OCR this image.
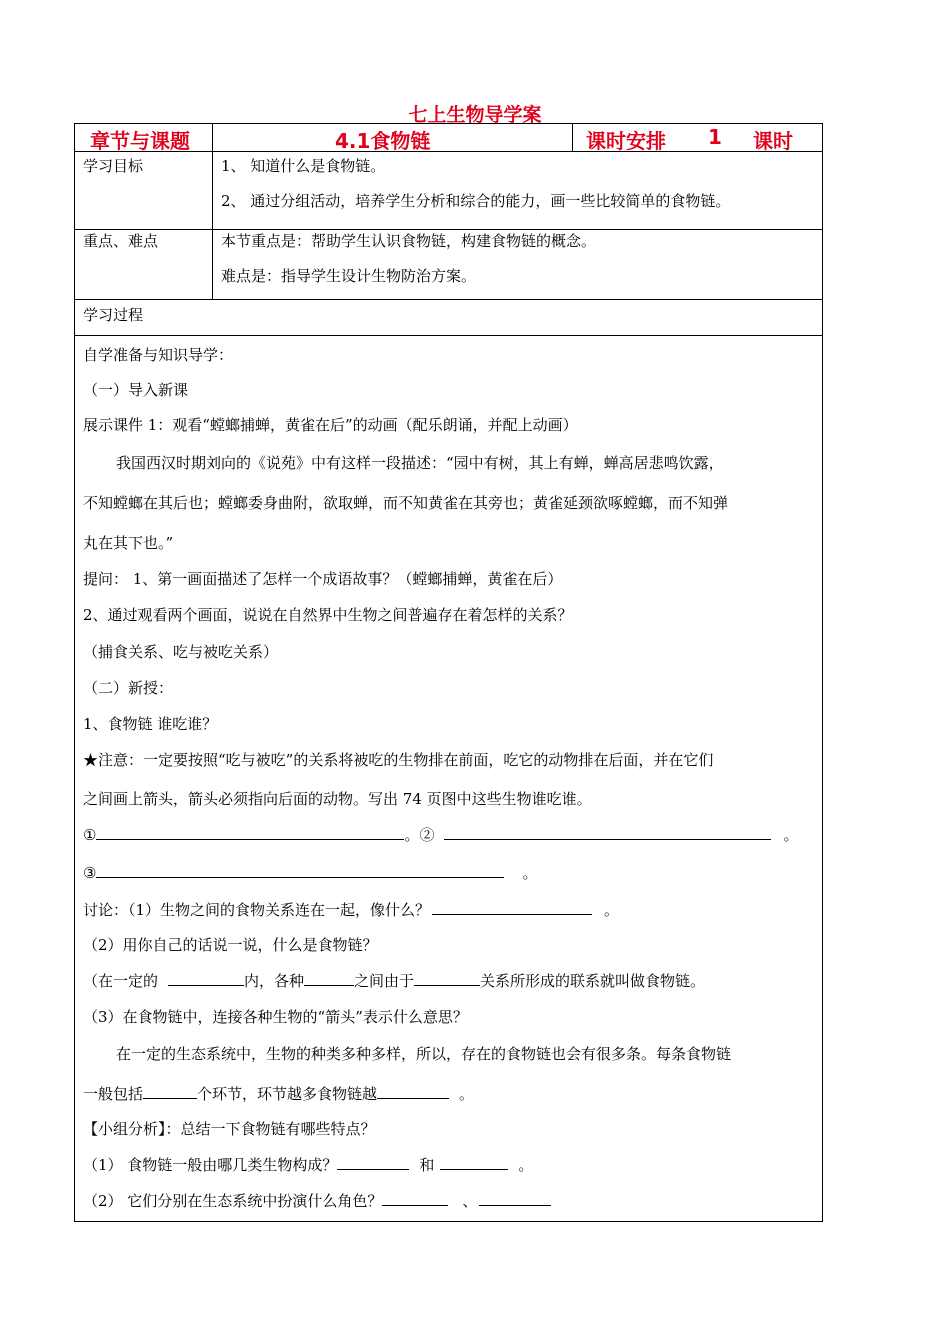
七上生物导学案
章节与课题	4.1食物链	课时安排 1 课时
学习目标	1、 知道什么是食物链。
2、 通过分组活动，培养学生分析和综合的能力，画一些比较简单的食物链。
重点、难点	本节重点是：帮助学生认识食物链，构建食物链的概念。
难点是：指导学生设计生物防治方案。
学习过程
自学准备与知识导学：
（一）导入新课
展示课件 1：观看“螳螂捕蝉，黄雀在后”的动画（配乐朗诵，并配上动画）
我国西汉时期刘向的《说苑》中有这样一段描述：“园中有树，其上有蝉，蝉高居悲鸣饮露，
不知螳螂在其后也；螳螂委身曲附，欲取蝉，而不知黄雀在其旁也；黄雀延颈欲啄螳螂，而不知弹
丸在其下也。”
提问： 1、第一画面描述了怎样一个成语故事？（螳螂捕蝉，黄雀在后）
2、通过观看两个画面，说说在自然界中生物之间普遍存在着怎样的关系？
（捕食关系、吃与被吃关系）
（二）新授：
1、食物链 谁吃谁？
★注意：一定要按照“吃与被吃”的关系将被吃的生物排在前面，吃它的动物排在后面，并在它们
之间画上箭头，箭头必须指向后面的动物。写出 74 页图中这些生物谁吃谁。
①	。②	。
③	。
讨论：（1）生物之间的食物关系连在一起，像什么？	。
（2）用你自己的话说一说，什么是食物链？
（在一定的	内，各种	之间由于	关系所形成的联系就叫做食物链。
（3）在食物链中，连接各种生物的“箭头”表示什么意思？
在一定的生态系统中，生物的种类多种多样，所以，存在的食物链也会有很多条。每条食物链
一般包括	个环节，环节越多食物链越	。
【小组分析】：总结一下食物链有哪些特点？
（1） 食物链一般由哪几类生物构成？	和	。
（2） 它们分别在生态系统中扮演什么角色？	、
